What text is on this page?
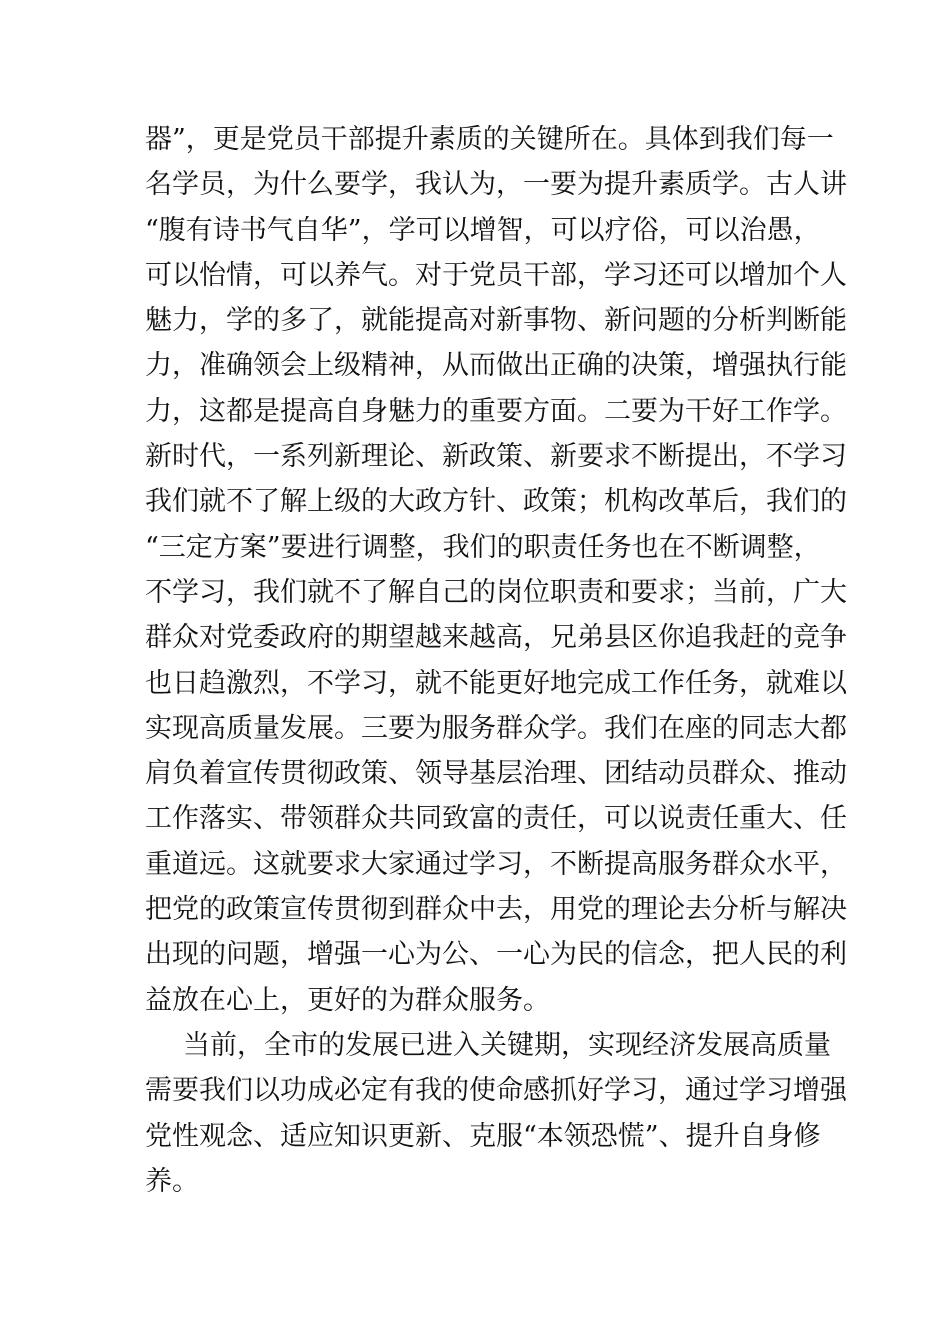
器”，更是党员干部提升素质的关键所在。具体到我们每一
名学员，为什么要学，我认为，一要为提升素质学。古人讲
“腹有诗书气自华”，学可以增智，可以疗俗，可以治愚，
可以怡情，可以养气。对于党员干部，学习还可以增加个人
魅力，学的多了，就能提高对新事物、新问题的分析判断能
力，准确领会上级精神，从而做出正确的决策，增强执行能
力，这都是提高自身魅力的重要方面。二要为干好工作学。
新时代，一系列新理论、新政策、新要求不断提出，不学习
我们就不了解上级的大政方针、政策；机构改革后，我们的
“三定方案”要进行调整，我们的职责任务也在不断调整，
不学习，我们就不了解自己的岗位职责和要求；当前，广大
群众对党委政府的期望越来越高，兄弟县区你追我赶的竞争
也日趋激烈，不学习，就不能更好地完成工作任务，就难以
实现高质量发展。三要为服务群众学。我们在座的同志大都
肩负着宣传贯彻政策、领导基层治理、团结动员群众、推动
工作落实、带领群众共同致富的责任，可以说责任重大、任
重道远。这就要求大家通过学习，不断提高服务群众水平，
把党的政策宣传贯彻到群众中去，用党的理论去分析与解决
出现的问题，增强一心为公、一心为民的信念，把人民的利
益放在心上，更好的为群众服务。
当前，全市的发展已进入关键期，实现经济发展高质量
需要我们以功成必定有我的使命感抓好学习，通过学习增强
党性观念、适应知识更新、克服“本领恐慌”、提升自身修
养。
